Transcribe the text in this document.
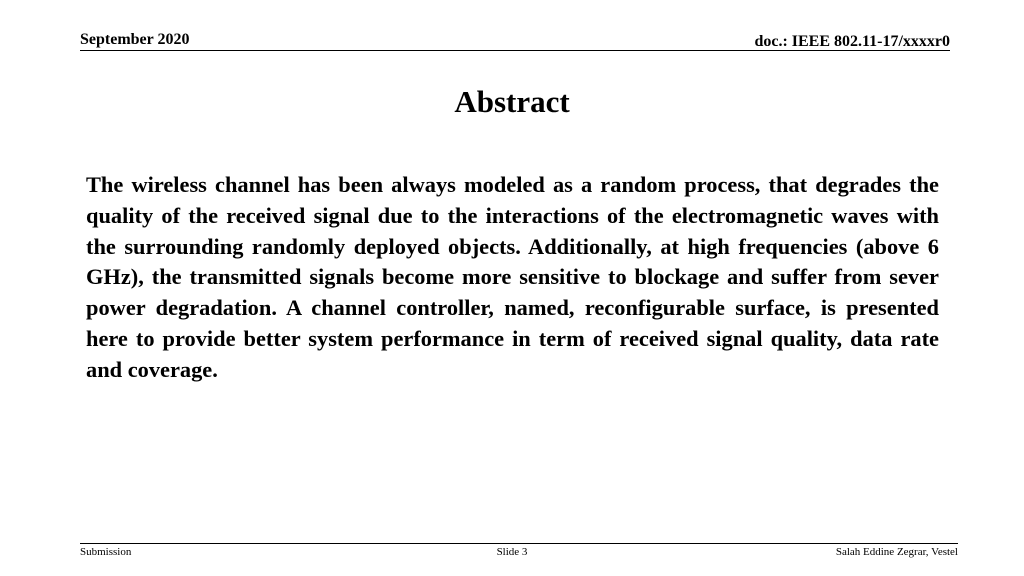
September 2020	doc.: IEEE 802.11-17/xxxxr0
Abstract

The wireless channel has been always modeled as a random process, that degrades the quality of the received signal due to the interactions of the electromagnetic waves with the surrounding randomly deployed objects. Additionally, at high frequencies (above 6 GHz), the transmitted signals become more sensitive to blockage and suffer from sever power degradation. A channel controller, named, reconfigurable surface, is presented here to provide better system performance in term of received signal quality, data rate and coverage.

Submission	Slide 3	Salah Eddine Zegrar, Vestel
